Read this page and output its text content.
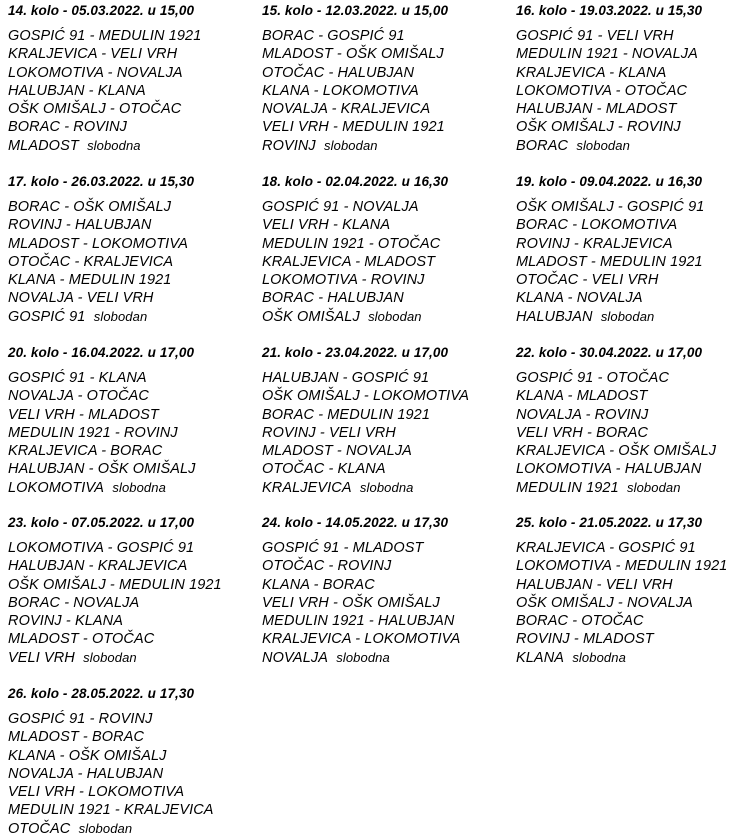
14. kolo - 05.03.2022. u 15,00
GOSPIĆ 91 - MEDULIN 1921
KRALJEVICA - VELI VRH
LOKOMOTIVA - NOVALJA
HALUBJAN - KLANA
OŠK OMIŠALJ - OTOČAC
BORAC - ROVINJ
MLADOST slobodna
15. kolo - 12.03.2022. u 15,00
BORAC - GOSPIĆ 91
MLADOST - OŠK OMIŠALJ
OTOČAC - HALUBJAN
KLANA - LOKOMOTIVA
NOVALJA - KRALJEVICA
VELI VRH - MEDULIN 1921
ROVINJ slobodan
16. kolo - 19.03.2022. u 15,30
GOSPIĆ 91 - VELI VRH
MEDULIN 1921 - NOVALJA
KRALJEVICA - KLANA
LOKOMOTIVA - OTOČAC
HALUBJAN - MLADOST
OŠK OMIŠALJ - ROVINJ
BORAC slobodan
17. kolo - 26.03.2022. u 15,30
BORAC - OŠK OMIŠALJ
ROVINJ - HALUBJAN
MLADOST - LOKOMOTIVA
OTOČAC - KRALJEVICA
KLANA - MEDULIN 1921
NOVALJA - VELI VRH
GOSPIĆ 91 slobodan
18. kolo - 02.04.2022. u 16,30
GOSPIĆ 91 - NOVALJA
VELI VRH - KLANA
MEDULIN 1921 - OTOČAC
KRALJEVICA - MLADOST
LOKOMOTIVA - ROVINJ
BORAC - HALUBJAN
OŠK OMIŠALJ slobodan
19. kolo - 09.04.2022. u 16,30
OŠK OMIŠALJ - GOSPIĆ 91
BORAC - LOKOMOTIVA
ROVINJ - KRALJEVICA
MLADOST - MEDULIN 1921
OTOČAC - VELI VRH
KLANA - NOVALJA
HALUBJAN slobodan
20. kolo - 16.04.2022. u 17,00
GOSPIĆ 91 - KLANA
NOVALJA - OTOČAC
VELI VRH - MLADOST
MEDULIN 1921 - ROVINJ
KRALJEVICA - BORAC
HALUBJAN - OŠK OMIŠALJ
LOKOMOTIVA slobodna
21. kolo - 23.04.2022. u 17,00
HALUBJAN - GOSPIĆ 91
OŠK OMIŠALJ - LOKOMOTIVA
BORAC - MEDULIN 1921
ROVINJ - VELI VRH
MLADOST - NOVALJA
OTOČAC - KLANA
KRALJEVICA slobodna
22. kolo - 30.04.2022. u 17,00
GOSPIĆ 91 - OTOČAC
KLANA - MLADOST
NOVALJA - ROVINJ
VELI VRH - BORAC
KRALJEVICA - OŠK OMIŠALJ
LOKOMOTIVA - HALUBJAN
MEDULIN 1921 slobodan
23. kolo - 07.05.2022. u 17,00
LOKOMOTIVA - GOSPIĆ 91
HALUBJAN - KRALJEVICA
OŠK OMIŠALJ - MEDULIN 1921
BORAC - NOVALJA
ROVINJ - KLANA
MLADOST - OTOČAC
VELI VRH slobodan
24. kolo - 14.05.2022. u 17,30
GOSPIĆ 91 - MLADOST
OTOČAC - ROVINJ
KLANA - BORAC
VELI VRH - OŠK OMIŠALJ
MEDULIN 1921 - HALUBJAN
KRALJEVICA - LOKOMOTIVA
NOVALJA slobodna
25. kolo - 21.05.2022. u 17,30
KRALJEVICA - GOSPIĆ 91
LOKOMOTIVA - MEDULIN 1921
HALUBJAN - VELI VRH
OŠK OMIŠALJ - NOVALJA
BORAC - OTOČAC
ROVINJ - MLADOST
KLANA slobodna
26. kolo - 28.05.2022. u 17,30
GOSPIĆ 91 - ROVINJ
MLADOST - BORAC
KLANA - OŠK OMIŠALJ
NOVALJA - HALUBJAN
VELI VRH - LOKOMOTIVA
MEDULIN 1921 - KRALJEVICA
OTOČAC slobodan
